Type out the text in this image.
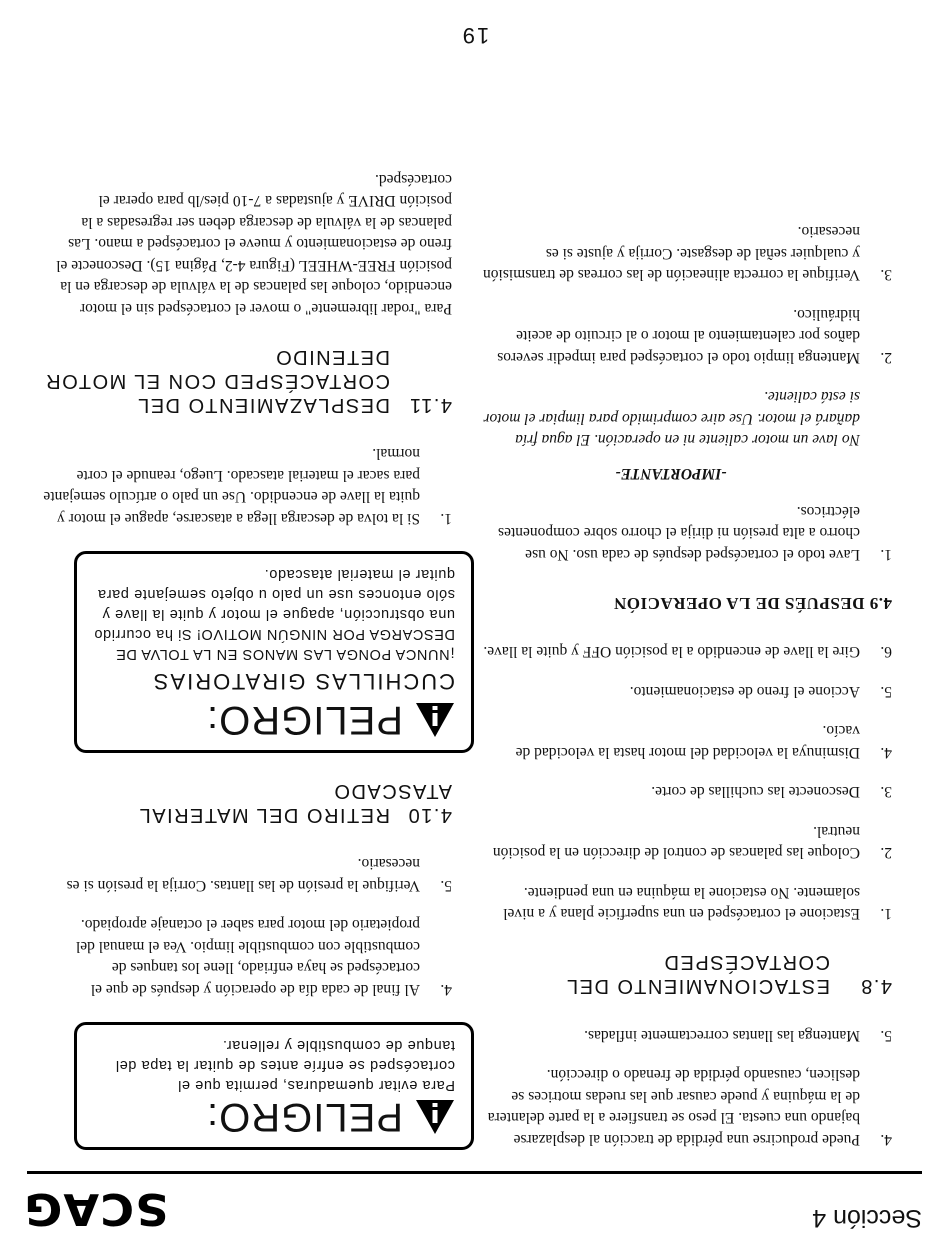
Sección 4
SCAG
4.
Puede producirse una pérdida de tracción al desplazarse bajando una cuesta. El peso se transfiere a la parte delantera de la máquina y puede causar que las ruedas motrices se deslicen, causando pérdida de frenado o dirección.
5.
Mantenga las llantas correctamente infladas.
4.8ESTACIONAMIENTO DEL
CORTACÉSPED
1.
Estacione el cortacésped en una superficie plana y a nivel solamente. No estacione la máquina en una pendiente.
2.
Coloque las palancas de control de dirección en la posición neutral.
3.
Desconecte las cuchillas de corte.
4.
Disminuya la velocidad del motor hasta la velocidad de vacío.
5.
Accione el freno de estacionamiento.
6.
Gire la llave de encendido a la posición OFF y quite la llave.
4.9 DESPUÉS DE LA OPERACIÓN
1.
Lave todo el cortacésped después de cada uso. No use chorro a alta presión ni dirija el chorro sobre componentes eléctricos.
-IMPORTANTE-
No lave un motor caliente ni en operación. El agua fría dañará el motor. Use aire comprimido para limpiar el motor si está caliente.
2.
Mantenga limpio todo el cortacésped para impedir severos daños por calentamiento al motor o al circuito de aceite hidráulico.
3.
Verifique la correcta alineación de las correas de transmisión y cualquier señal de desgaste. Corrija y ajuste si es necesario.
PELIGRO:
Para evitar quemaduras, permita que el cortacésped se enfríe antes de quitar la tapa del tanque de combustible y rellenar.
4.
Al final de cada día de operación y después de que el cortacésped se haya enfriado, llene los tanques de combustible con combustible limpio. Vea el manual del propietario del motor para saber el octanaje apropiado.
5.
Verifique la presión de las llantas. Corrija la presión si es necesario.
4.10RETIRO DEL MATERIAL ATASCADO
PELIGRO:
CUCHILLAS GIRATORIAS
¡NUNCA PONGA LAS MANOS EN LA TOLVA DE DESCARGA POR NINGÚN MOTIVO! Si ha ocurrido una obstrucción, apague el motor y quite la llave y sólo entonces use un palo u objeto semejante para quitar el material atascado.
1.
Si la tolva de descarga llega a atascarse, apague el motor y quita la llave de encendido. Use un palo o artículo semejante para sacar el material atascado. Luego, reanude el corte normal.
4.11DESPLAZAMIENTO DEL
CORTACÉSPED CON EL MOTOR
DETENIDO
Para "rodar libremente" o mover el cortacésped sin el motor encendido, coloque las palancas de la válvula de descarga en la posición FREE-WHEEL (Figura 4-2, Página 15). Desconecte el freno de estacionamiento y mueve el cortacésped a mano. Las palancas de la válvula de descarga deben ser regresadas a la posición DRIVE y ajustadas a 7-10 pies/lb para operar el cortacésped.
19
